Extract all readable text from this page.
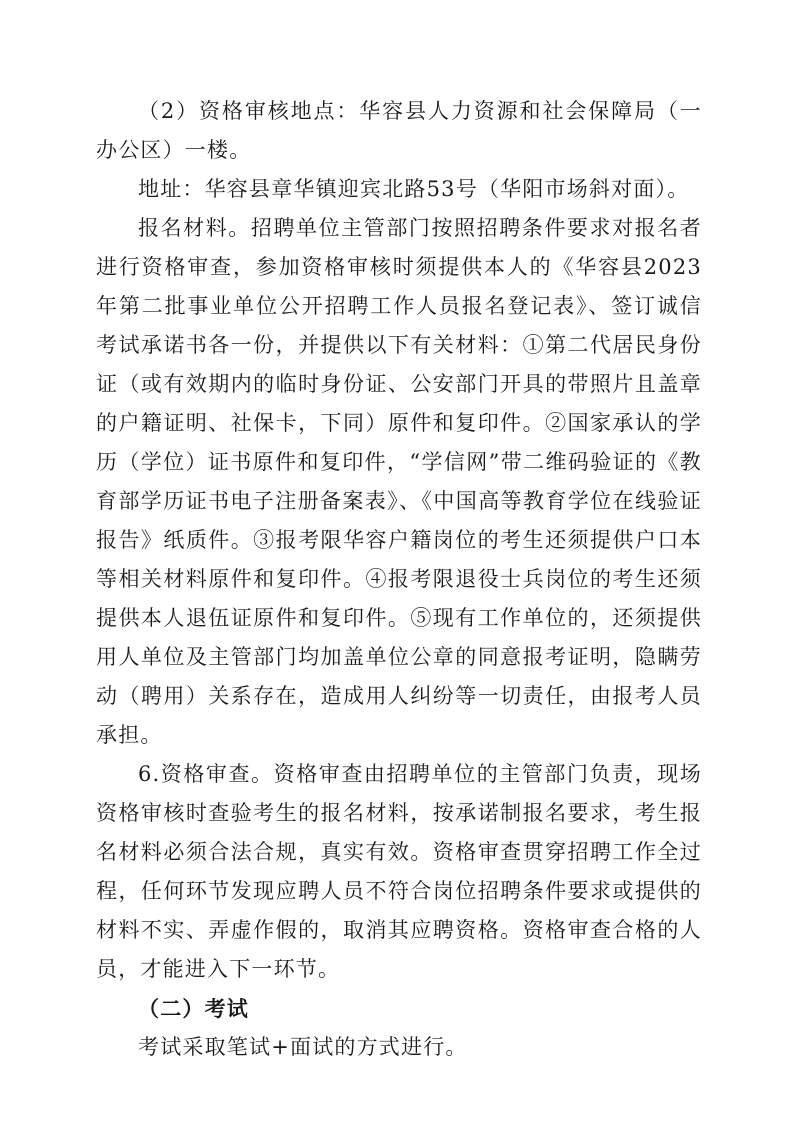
（2）资格审核地点：华容县人力资源和社会保障局（一办公区）一楼。

地址：华容县章华镇迎宾北路53号（华阳市场斜对面）。

报名材料。招聘单位主管部门按照招聘条件要求对报名者进行资格审查，参加资格审核时须提供本人的《华容县2023年第二批事业单位公开招聘工作人员报名登记表》、签订诚信考试承诺书各一份，并提供以下有关材料：①第二代居民身份证（或有效期内的临时身份证、公安部门开具的带照片且盖章的户籍证明、社保卡，下同）原件和复印件。②国家承认的学历（学位）证书原件和复印件，“学信网”带二维码验证的《教育部学历证书电子注册备案表》、《中国高等教育学位在线验证报告》纸质件。③报考限华容户籍岗位的考生还须提供户口本等相关材料原件和复印件。④报考限退役士兵岗位的考生还须提供本人退伍证原件和复印件。⑤现有工作单位的，还须提供用人单位及主管部门均加盖单位公章的同意报考证明，隐瞒劳动（聘用）关系存在，造成用人纠纷等一切责任，由报考人员承担。

6.资格审查。资格审查由招聘单位的主管部门负责，现场资格审核时查验考生的报名材料，按承诺制报名要求，考生报名材料必须合法合规，真实有效。资格审查贯穿招聘工作全过程，任何环节发现应聘人员不符合岗位招聘条件要求或提供的材料不实、弄虚作假的，取消其应聘资格。资格审查合格的人员，才能进入下一环节。

（二）考试

考试采取笔试+面试的方式进行。
